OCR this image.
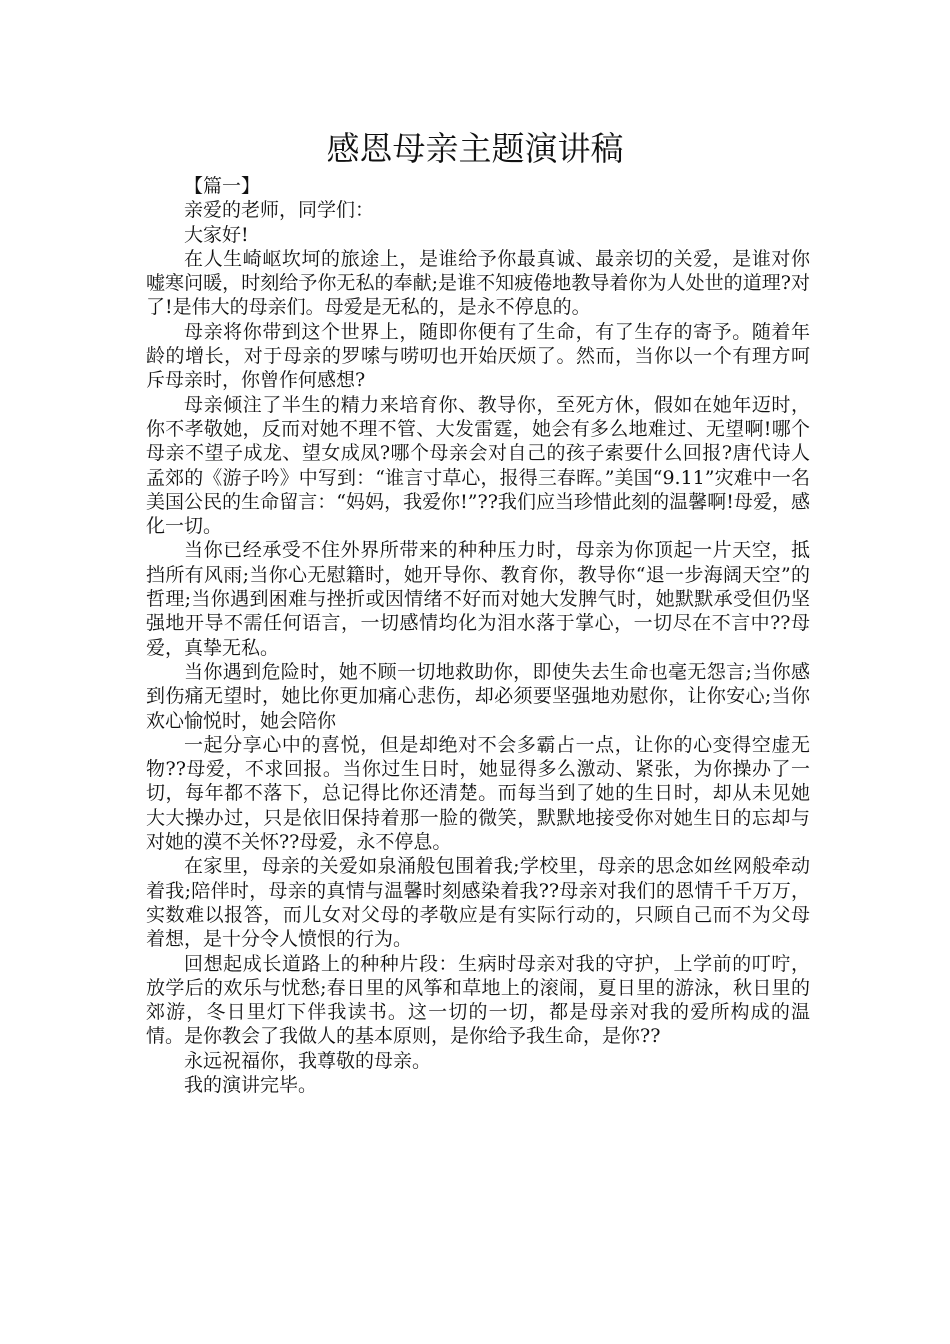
感恩母亲主题演讲稿

【篇一】

亲爱的老师，同学们：

大家好!

在人生崎岖坎坷的旅途上，是谁给予你最真诚、最亲切的关爱，是谁对你嘘寒问暖，时刻给予你无私的奉献;是谁不知疲倦地教导着你为人处世的道理?对了!是伟大的母亲们。母爱是无私的，是永不停息的。

母亲将你带到这个世界上，随即你便有了生命，有了生存的寄予。随着年龄的增长，对于母亲的罗嗦与唠叨也开始厌烦了。然而，当你以一个有理方呵斥母亲时，你曾作何感想?

母亲倾注了半生的精力来培育你、教导你，至死方休，假如在她年迈时，你不孝敬她，反而对她不理不管、大发雷霆，她会有多么地难过、无望啊!哪个母亲不望子成龙、望女成凤?哪个母亲会对自己的孩子索要什么回报?唐代诗人孟郊的《游子吟》中写到：“谁言寸草心，报得三春晖。”美国“9.11”灾难中一名美国公民的生命留言：“妈妈，我爱你!”??我们应当珍惜此刻的温馨啊!母爱，感化一切。

当你已经承受不住外界所带来的种种压力时，母亲为你顶起一片天空，抵挡所有风雨;当你心无慰籍时，她开导你、教育你，教导你“退一步海阔天空”的哲理;当你遇到困难与挫折或因情绪不好而对她大发脾气时，她默默承受但仍坚强地开导不需任何语言，一切感情均化为泪水落于掌心，一切尽在不言中??母爱，真挚无私。

当你遇到危险时，她不顾一切地救助你，即使失去生命也毫无怨言;当你感到伤痛无望时，她比你更加痛心悲伤，却必须要坚强地劝慰你，让你安心;当你欢心愉悦时，她会陪你

一起分享心中的喜悦，但是却绝对不会多霸占一点，让你的心变得空虚无物??母爱，不求回报。当你过生日时，她显得多么激动、紧张，为你操办了一切，每年都不落下，总记得比你还清楚。而每当到了她的生日时，却从未见她大大操办过，只是依旧保持着那一脸的微笑，默默地接受你对她生日的忘却与对她的漠不关怀??母爱，永不停息。

在家里，母亲的关爱如泉涌般包围着我;学校里，母亲的思念如丝网般牵动着我;陪伴时，母亲的真情与温馨时刻感染着我??母亲对我们的恩情千千万万，实数难以报答，而儿女对父母的孝敬应是有实际行动的，只顾自己而不为父母着想，是十分令人愤恨的行为。

回想起成长道路上的种种片段：生病时母亲对我的守护，上学前的叮咛，放学后的欢乐与忧愁;春日里的风筝和草地上的滚闹，夏日里的游泳，秋日里的郊游，冬日里灯下伴我读书。这一切的一切，都是母亲对我的爱所构成的温情。是你教会了我做人的基本原则，是你给予我生命，是你??

永远祝福你，我尊敬的母亲。

我的演讲完毕。
